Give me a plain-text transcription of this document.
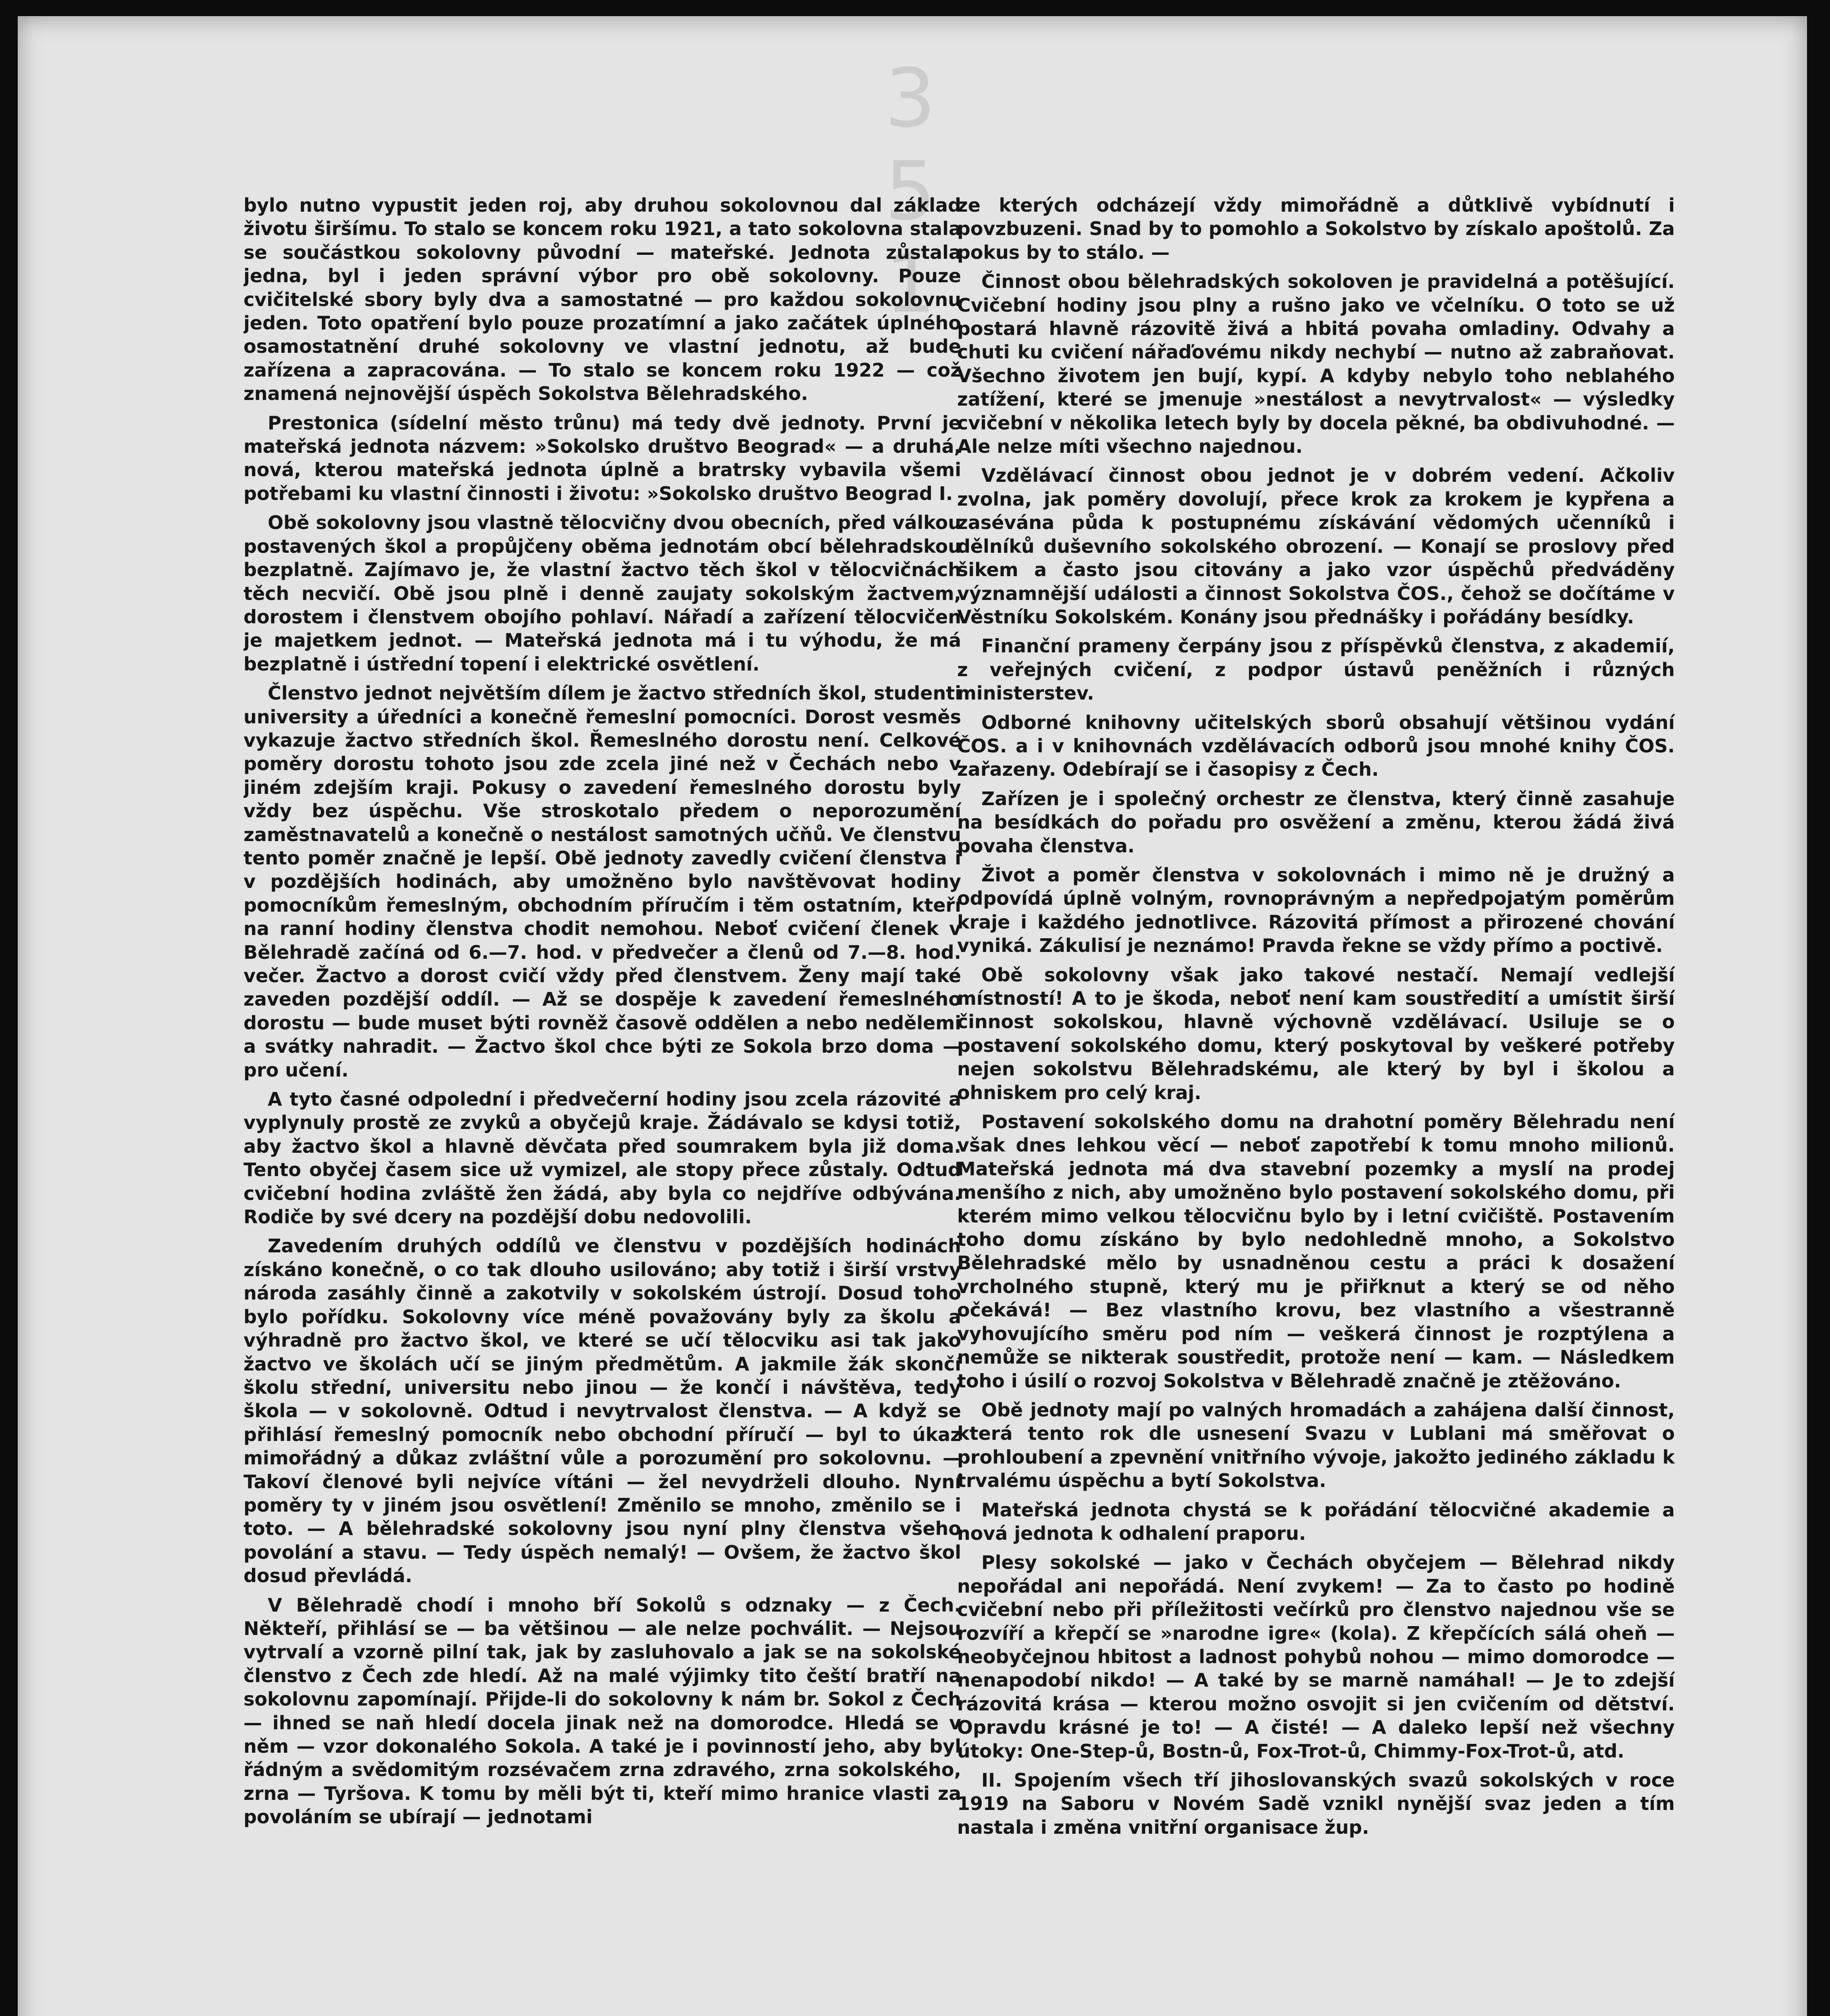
3 5 1

bylo nutno vypustit jeden roj, aby druhou sokolovnou dal základ životu širšímu. To stalo se koncem roku 1921, a tato sokolovna stala se součástkou sokolovny původní — mateřské. Jednota zůstala jedna, byl i jeden správní výbor pro obě sokolovny. Pouze cvičitelské sbory byly dva a samostatné — pro každou sokolovnu jeden. Toto opatření bylo pouze prozatímní a jako začátek úplného osamostatnění druhé sokolovny ve vlastní jednotu, až bude zařízena a zapracována. — To stalo se koncem roku 1922 — což znamená nejnovější úspěch Sokolstva Bělehradského.

Prestonica (sídelní město trůnu) má tedy dvě jednoty. První je mateřská jednota názvem: »Sokolsko društvo Beograd« — a druhá, nová, kterou mateřská jednota úplně a bratrsky vybavila všemi potřebami ku vlastní činnosti i životu: »Sokolsko društvo Beograd I.

Obě sokolovny jsou vlastně tělocvičny dvou obecních, před válkou postavených škol a propůjčeny oběma jednotám obcí bělehradskou bezplatně. Zajímavo je, že vlastní žactvo těch škol v tělocvičnách těch necvičí. Obě jsou plně i denně zaujaty sokolským žactvem, dorostem i členstvem obojího pohlaví. Nářadí a zařízení tělocvičen je majetkem jednot. — Mateřská jednota má i tu výhodu, že má bezplatně i ústřední topení i elektrické osvětlení.

Členstvo jednot největším dílem je žactvo středních škol, studenti university a úředníci a konečně řemeslní pomocníci. Dorost vesměs vykazuje žactvo středních škol. Řemeslného dorostu není. Celkové poměry dorostu tohoto jsou zde zcela jiné než v Čechách nebo v jiném zdejším kraji. Pokusy o zavedení řemeslného dorostu byly vždy bez úspěchu. Vše stroskotalo předem o neporozumění zaměstnavatelů a konečně o nestálost samotných učňů. Ve členstvu tento poměr značně je lepší. Obě jednoty zavedly cvičení členstva i v pozdějších hodinách, aby umožněno bylo navštěvovat hodiny pomocníkům řemeslným, obchodním příručím i těm ostatním, kteří na ranní hodiny členstva chodit nemohou. Neboť cvičení členek v Bělehradě začíná od 6.—7. hod. v předvečer a členů od 7.—8. hod. večer. Žactvo a dorost cvičí vždy před členstvem. Ženy mají také zaveden pozdější oddíl. — Až se dospěje k zavedení řemeslného dorostu — bude muset býti rovněž časově oddělen a nebo nedělemi a svátky nahradit. — Žactvo škol chce býti ze Sokola brzo doma — pro učení.

A tyto časné odpolední i předvečerní hodiny jsou zcela rázovité a vyplynuly prostě ze zvyků a obyčejů kraje. Žádávalo se kdysi totiž, aby žactvo škol a hlavně děvčata před soumrakem byla již doma. Tento obyčej časem sice už vymizel, ale stopy přece zůstaly. Odtud cvičební hodina zvláště žen žádá, aby byla co nejdříve odbývána. Rodiče by své dcery na pozdější dobu nedovolili.

Zavedením druhých oddílů ve členstvu v pozdějších hodinách získáno konečně, o co tak dlouho usilováno; aby totiž i širší vrstvy národa zasáhly činně a zakotvily v sokolském ústrojí. Dosud toho bylo pořídku. Sokolovny více méně považovány byly za školu a výhradně pro žactvo škol, ve které se učí tělocviku asi tak jako žactvo ve školách učí se jiným předmětům. A jakmile žák skončí školu střední, universitu nebo jinou — že končí i návštěva, tedy škola — v sokolovně. Odtud i nevytrvalost členstva. — A když se přihlásí řemeslný pomocník nebo obchodní příručí — byl to úkaz mimořádný a důkaz zvláštní vůle a porozumění pro sokolovnu. — Takoví členové byli nejvíce vítáni — žel nevydrželi dlouho. Nyní poměry ty v jiném jsou osvětlení! Změnilo se mnoho, změnilo se i toto. — A bělehradské sokolovny jsou nyní plny členstva všeho povolání a stavu. — Tedy úspěch nemalý! — Ovšem, že žactvo škol dosud převládá.

V Bělehradě chodí i mnoho bří Sokolů s odznaky — z Čech. Někteří, přihlásí se — ba většinou — ale nelze pochválit. — Nejsou vytrvalí a vzorně pilní tak, jak by zasluhovalo a jak se na sokolské členstvo z Čech zde hledí. Až na malé výjimky tito čeští bratří na sokolovnu zapomínají. Přijde-li do sokolovny k nám br. Sokol z Čech — ihned se naň hledí docela jinak než na domorodce. Hledá se v něm — vzor dokonalého Sokola. A také je i povinností jeho, aby byl řádným a svědomitým rozsévačem zrna zdravého, zrna sokolského, zrna — Tyršova. K tomu by měli být ti, kteří mimo hranice vlasti za povoláním se ubírají — jednotami

ze kterých odcházejí vždy mimořádně a důtklivě vybídnutí i povzbuzeni. Snad by to pomohlo a Sokolstvo by získalo apoštolů. Za pokus by to stálo. —

Činnost obou bělehradských sokoloven je pravidelná a potěšující. Cvičební hodiny jsou plny a rušno jako ve včelníku. O toto se už postará hlavně rázovitě živá a hbitá povaha omladiny. Odvahy a chuti ku cvičení nářaďovému nikdy nechybí — nutno až zabraňovat. Všechno životem jen bují, kypí. A kdyby nebylo toho neblahého zatížení, které se jmenuje »nestálost a nevytrvalost« — výsledky cvičební v několika letech byly by docela pěkné, ba obdivuhodné. — Ale nelze míti všechno najednou.

Vzdělávací činnost obou jednot je v dobrém vedení. Ačkoliv zvolna, jak poměry dovolují, přece krok za krokem je kypřena a zasévána půda k postupnému získávání vědomých učenníků i dělníků duševního sokolského obrození. — Konají se proslovy před šikem a často jsou citovány a jako vzor úspěchů předváděny významnější události a činnost Sokolstva ČOS., čehož se dočítáme v Věstníku Sokolském. Konány jsou přednášky i pořádány besídky.

Finanční prameny čerpány jsou z příspěvků členstva, z akademií, z veřejných cvičení, z podpor ústavů peněžních i různých ministerstev.

Odborné knihovny učitelských sborů obsahují většinou vydání ČOS. a i v knihovnách vzdělávacích odborů jsou mnohé knihy ČOS. zařazeny. Odebírají se i časopisy z Čech.

Zařízen je i společný orchestr ze členstva, který činně zasahuje na besídkách do pořadu pro osvěžení a změnu, kterou žádá živá povaha členstva.

Život a poměr členstva v sokolovnách i mimo ně je družný a odpovídá úplně volným, rovnoprávným a nepředpojatým poměrům kraje i každého jednotlivce. Rázovitá přímost a přirozené chování vyniká. Zákulisí je neznámo! Pravda řekne se vždy přímo a poctivě.

Obě sokolovny však jako takové nestačí. Nemají vedlejší místností! A to je škoda, neboť není kam soustředití a umístit širší činnost sokolskou, hlavně výchovně vzdělávací. Usiluje se o postavení sokolského domu, který poskytoval by veškeré potřeby nejen sokolstvu Bělehradskému, ale který by byl i školou a ohniskem pro celý kraj.

Postavení sokolského domu na drahotní poměry Bělehradu není však dnes lehkou věcí — neboť zapotřebí k tomu mnoho milionů. Mateřská jednota má dva stavební pozemky a myslí na prodej menšího z nich, aby umožněno bylo postavení sokolského domu, při kterém mimo velkou tělocvičnu bylo by i letní cvičiště. Postavením toho domu získáno by bylo nedohledně mnoho, a Sokolstvo Bělehradské mělo by usnadněnou cestu a práci k dosažení vrcholného stupně, který mu je přiřknut a který se od něho očekává! — Bez vlastního krovu, bez vlastního a všestranně vyhovujícího směru pod ním — veškerá činnost je rozptýlena a nemůže se nikterak soustředit, protože není — kam. — Následkem toho i úsilí o rozvoj Sokolstva v Bělehradě značně je ztěžováno.

Obě jednoty mají po valných hromadách a zahájena další činnost, která tento rok dle usnesení Svazu v Lublani má směřovat o prohloubení a zpevnění vnitřního vývoje, jakožto jediného základu k trvalému úspěchu a bytí Sokolstva.

Mateřská jednota chystá se k pořádání tělocvičné akademie a nová jednota k odhalení praporu.

Plesy sokolské — jako v Čechách obyčejem — Bělehrad nikdy nepořádal ani nepořádá. Není zvykem! — Za to často po hodině cvičební nebo při příležitosti večírků pro členstvo najednou vše se rozvíří a křepčí se »narodne igre« (kola). Z křepčících sálá oheň — neobyčejnou hbitost a ladnost pohybů nohou — mimo domorodce — nenapodobí nikdo! — A také by se marně namáhal! — Je to zdejší rázovitá krása — kterou možno osvojit si jen cvičením od dětství. Opravdu krásné je to! — A čisté! — A daleko lepší než všechny útoky: One-Step-ů, Bostn-ů, Fox-Trot-ů, Chimmy-Fox-Trot-ů, atd.

II. Spojením všech tří jihoslovanských svazů sokolských v roce 1919 na Saboru v Novém Sadě vznikl nynější svaz jeden a tím nastala i změna vnitřní organisace žup.
